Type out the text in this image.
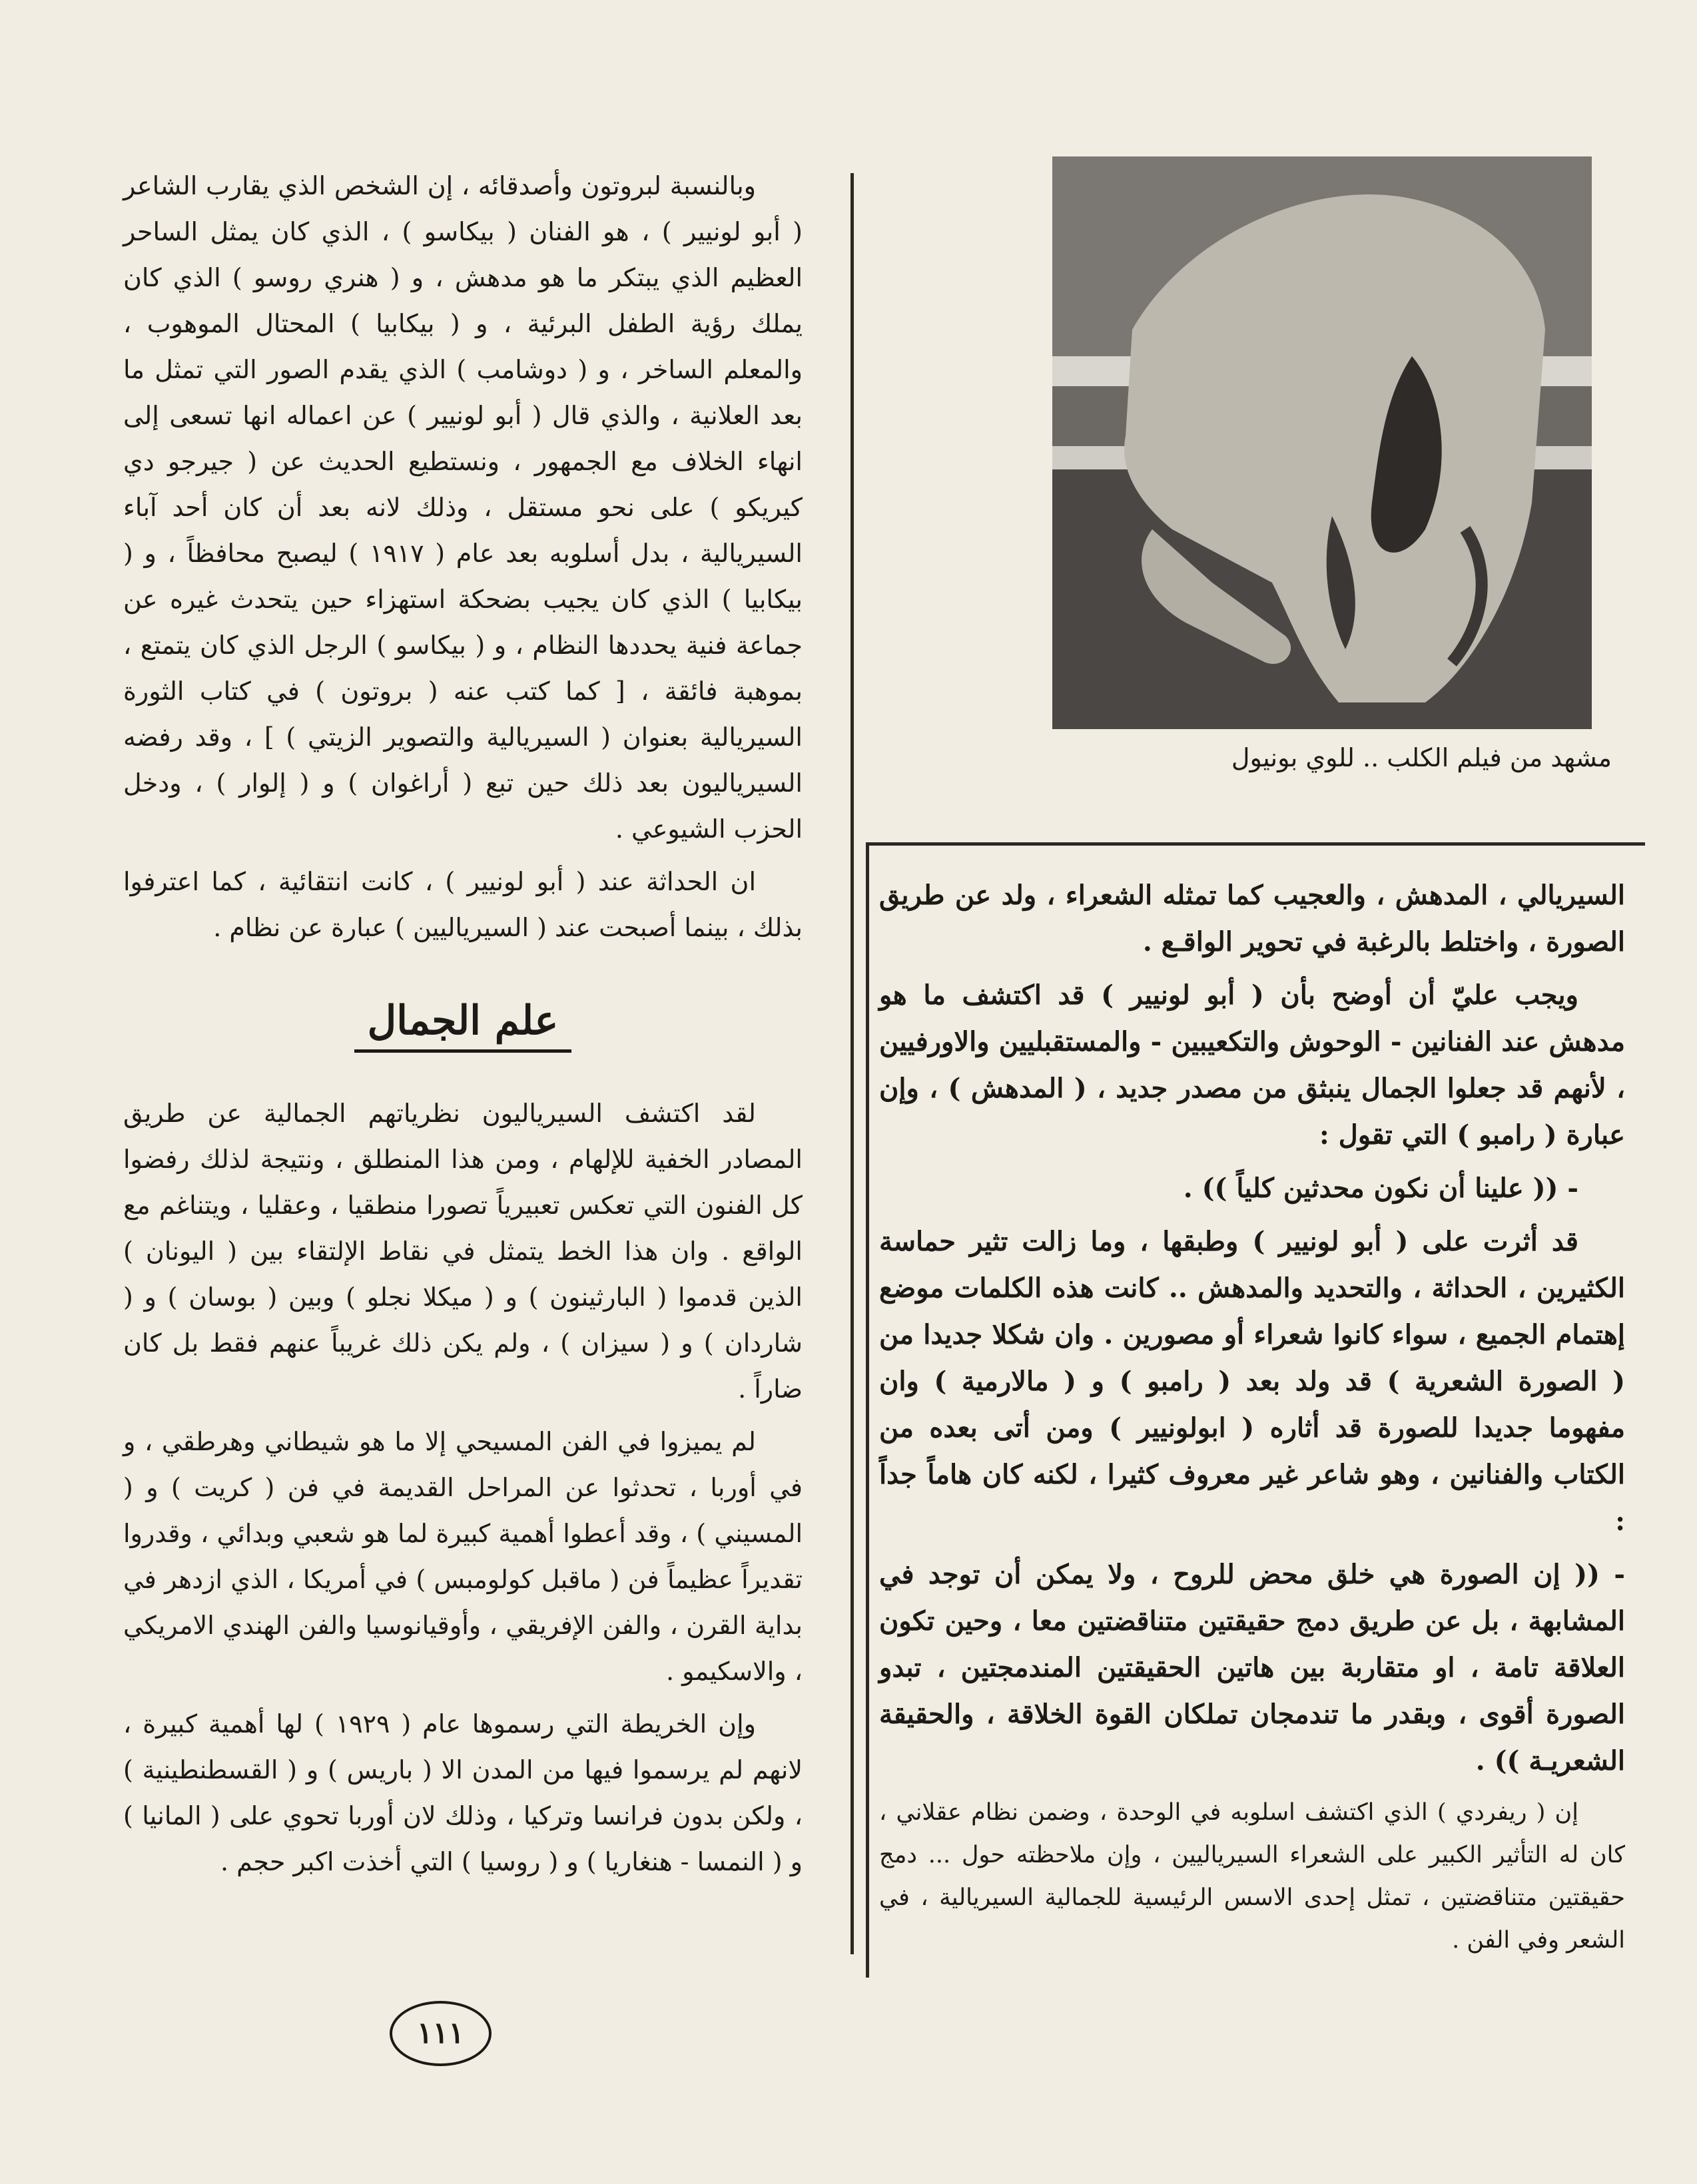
وبالنسبة لبروتون وأصدقائه ، إن الشخص الذي يقارب الشاعر ( أبو لونيير ) ، هو الفنان ( بيكاسو ) ، الذي كان يمثل الساحر العظيم الذي يبتكر ما هو مدهش ، و ( هنري روسو ) الذي كان يملك رؤية الطفل البرئية ، و ( بيكابيا ) المحتال الموهوب ، والمعلم الساخر ، و ( دوشامب ) الذي يقدم الصور التي تمثل ما بعد العلانية ، والذي قال ( أبو لونيير ) عن اعماله انها تسعى إلى انهاء الخلاف مع الجمهور ، ونستطيع الحديث عن ( جيرجو دي كيريكو ) على نحو مستقل ، وذلك لانه بعد أن كان أحد آباء السيريالية ، بدل أسلوبه بعد عام ( ١٩١٧ ) ليصبح محافظاً ، و ( بيكابيا ) الذي كان يجيب بضحكة استهزاء حين يتحدث غيره عن جماعة فنية يحددها النظام ، و ( بيكاسو ) الرجل الذي كان يتمتع ، بموهبة فائقة ، [ كما كتب عنه ( بروتون ) في كتاب الثورة السيريالية بعنوان ( السيريالية والتصوير الزيتي ) ] ، وقد رفضه السيرياليون بعد ذلك حين تبع ( أراغوان ) و ( إلوار ) ، ودخل الحزب الشيوعي .

ان الحداثة عند ( أبو لونيير ) ، كانت انتقائية ، كما اعترفوا بذلك ، بينما أصبحت عند ( السيرياليين ) عبارة عن نظام .

علم الجمال

لقد اكتشف السيرياليون نظرياتهم الجمالية عن طريق المصادر الخفية للإلهام ، ومن هذا المنطلق ، ونتيجة لذلك رفضوا كل الفنون التي تعكس تعبيرياً تصورا منطقيا ، وعقليا ، ويتناغم مع الواقع . وان هذا الخط يتمثل في نقاط الإلتقاء بين ( اليونان ) الذين قدموا ( البارثينون ) و ( ميكلا نجلو ) وبين ( بوسان ) و ( شاردان ) و ( سيزان ) ، ولم يكن ذلك غريباً عنهم فقط بل كان ضاراً .

لم يميزوا في الفن المسيحي إلا ما هو شيطاني وهرطقي ، و في أوربا ، تحدثوا عن المراحل القديمة في فن ( كريت ) و ( المسيني ) ، وقد أعطوا أهمية كبيرة لما هو شعبي وبدائي ، وقدروا تقديراً عظيماً فن ( ماقبل كولومبس ) في أمريكا ، الذي ازدهر في بداية القرن ، والفن الإفريقي ، وأوقيانوسيا والفن الهندي الامريكي ، والاسكيمو .

وإن الخريطة التي رسموها عام ( ١٩٢٩ ) لها أهمية كبيرة ، لانهم لم يرسموا فيها من المدن الا ( باريس ) و ( القسطنطينية ) ، ولكن بدون فرانسا وتركيا ، وذلك لان أوربا تحوي على ( المانيا ) و ( النمسا - هنغاريا ) و ( روسيا ) التي أخذت اكبر حجم .

مشهد من فيلم الكلب .. للوي بونيول

السيريالي ، المدهش ، والعجيب كما تمثله الشعراء ، ولد عن طريق الصورة ، واختلط بالرغبة في تحوير الواقـع .

ويجب عليّ أن أوضح بأن ( أبو لونيير ) قد اكتشف ما هو مدهش عند الفنانين - الوحوش والتكعيبين - والمستقبليين والاورفيين ، لأنهم قد جعلوا الجمال ينبثق من مصدر جديد ، ( المدهش ) ، وإن عبارة ( رامبو ) التي تقول :

- (( علينا أن نكون محدثين كلياً )) .

قد أثرت على ( أبو لونيير ) وطبقها ، وما زالت تثير حماسة الكثيرين ، الحداثة ، والتحديد والمدهش .. كانت هذه الكلمات موضع إهتمام الجميع ، سواء كانوا شعراء أو مصورين . وان شكلا جديدا من ( الصورة الشعرية ) قد ولد بعد ( رامبو ) و ( مالارمية ) وان مفهوما جديدا للصورة قد أثاره ( ابولونيير ) ومن أتى بعده من الكتاب والفنانين ، وهو شاعر غير معروف كثيرا ، لكنه كان هاماً جداً :

- (( إن الصورة هي خلق محض للروح ، ولا يمكن أن توجد في المشابهة ، بل عن طريق دمج حقيقتين متناقضتين معا ، وحين تكون العلاقة تامة ، او متقاربة بين هاتين الحقيقتين المندمجتين ، تبدو الصورة أقوى ، وبقدر ما تندمجان تملكان القوة الخلاقة ، والحقيقة الشعريـة )) .

إن ( ريفردي ) الذي اكتشف اسلوبه في الوحدة ، وضمن نظام عقلاني ، كان له التأثير الكبير على الشعراء السيرياليين ، وإن ملاحظته حول ... دمج حقيقتين متناقضتين ، تمثل إحدى الاسس الرئيسية للجمالية السيريالية ، في الشعر وفي الفن .

١١١
